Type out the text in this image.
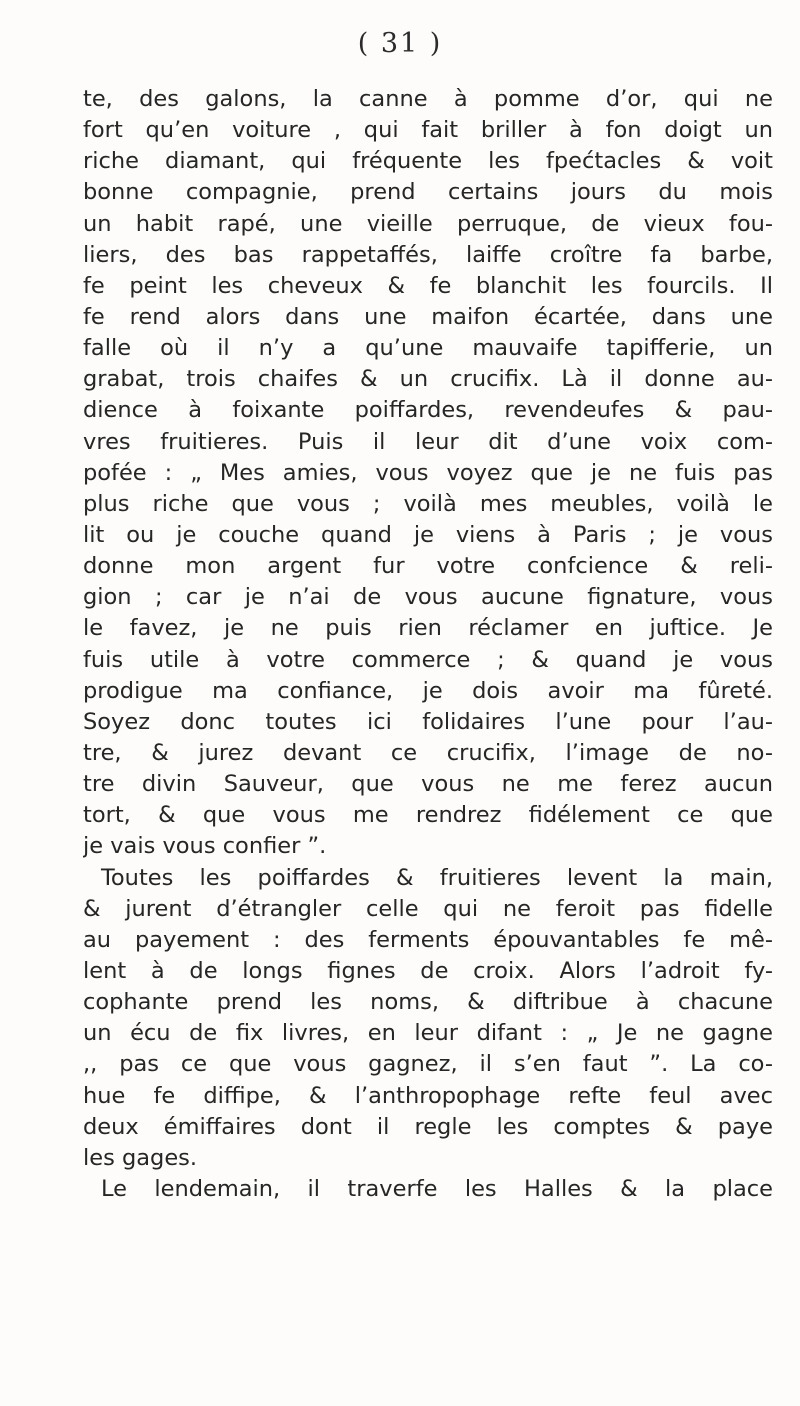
( 31 )
te, des galons, la canne à pomme d’or, qui ne
fort qu’en voiture , qui fait briller à fon doigt un
riche diamant, qui fréquente les fpećtacles & voit
bonne compagnie, prend certains jours du mois
un habit rapé, une vieille perruque, de vieux fou-
liers, des bas rappetaffés, laiffe croître fa barbe,
fe peint les cheveux & fe blanchit les fourcils. Il
fe rend alors dans une maifon écartée, dans une
falle où il n’y a qu’une mauvaife tapifferie, un
grabat, trois chaifes & un crucifix. Là il donne au-
dience à foixante poiffardes, revendeufes & pau-
vres fruitieres. Puis il leur dit d’une voix com-
pofée : „ Mes amies, vous voyez que je ne fuis pas
plus riche que vous ; voilà mes meubles, voilà le
lit ou je couche quand je viens à Paris ; je vous
donne mon argent fur votre confcience & reli-
gion ; car je n’ai de vous aucune fignature, vous
le favez, je ne puis rien réclamer en juftice. Je
fuis utile à votre commerce ; & quand je vous
prodigue ma confiance, je dois avoir ma fûreté.
Soyez donc toutes ici folidaires l’une pour l’au-
tre, & jurez devant ce crucifix, l’image de no-
tre divin Sauveur, que vous ne me ferez aucun
tort, & que vous me rendrez fidélement ce que
je vais vous confier ”.
Toutes les poiffardes & fruitieres levent la main,
& jurent d’étrangler celle qui ne feroit pas fidelle
au payement : des ferments épouvantables fe mê-
lent à de longs fignes de croix. Alors l’adroit fy-
cophante prend les noms, & diftribue à chacune
un écu de fix livres, en leur difant : „ Je ne gagne
,, pas ce que vous gagnez, il s’en faut ”. La co-
hue fe diffipe, & l’anthropophage refte feul avec
deux émiffaires dont il regle les comptes & paye
les gages.
Le lendemain, il traverfe les Halles & la place
